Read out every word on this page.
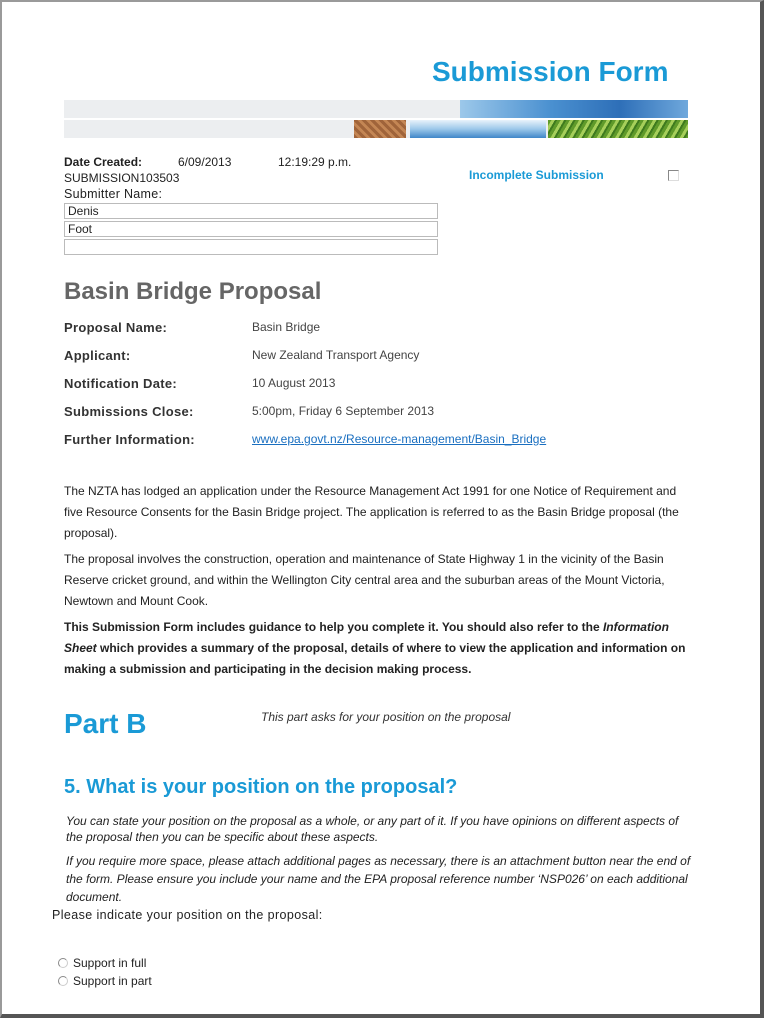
Submission Form
Date Created:	6/09/2013	12:19:29 p.m.
SUBMISSION103503
Submitter Name:
Incomplete Submission
Denis
Foot
Basin Bridge Proposal
Proposal Name:	Basin Bridge
Applicant:	New Zealand Transport Agency
Notification Date:	10 August 2013
Submissions Close:	5:00pm, Friday 6 September 2013
Further Information:	www.epa.govt.nz/Resource-management/Basin_Bridge
The NZTA has lodged an application under the Resource Management Act 1991 for one Notice of Requirement and five Resource Consents for the Basin Bridge project. The application is referred to as the Basin Bridge proposal (the proposal).
The proposal involves the construction, operation and maintenance of State Highway 1 in the vicinity of the Basin Reserve cricket ground, and within the Wellington City central area and the suburban areas of the Mount Victoria, Newtown and Mount Cook.
This Submission Form includes guidance to help you complete it. You should also refer to the Information Sheet which provides a summary of the proposal, details of where to view the application and information on making a submission and participating in the decision making process.
Part B	This part asks for your position on the proposal
5. What is your position on the proposal?
You can state your position on the proposal as a whole, or any part of it. If you have opinions on different aspects of the proposal then you can be specific about these aspects.
If you require more space, please attach additional pages as necessary, there is an attachment button near the end of the form. Please ensure you include your name and the EPA proposal reference number ‘NSP026’ on each additional document.
Please indicate your position on the proposal:
Support in full
Support in part
